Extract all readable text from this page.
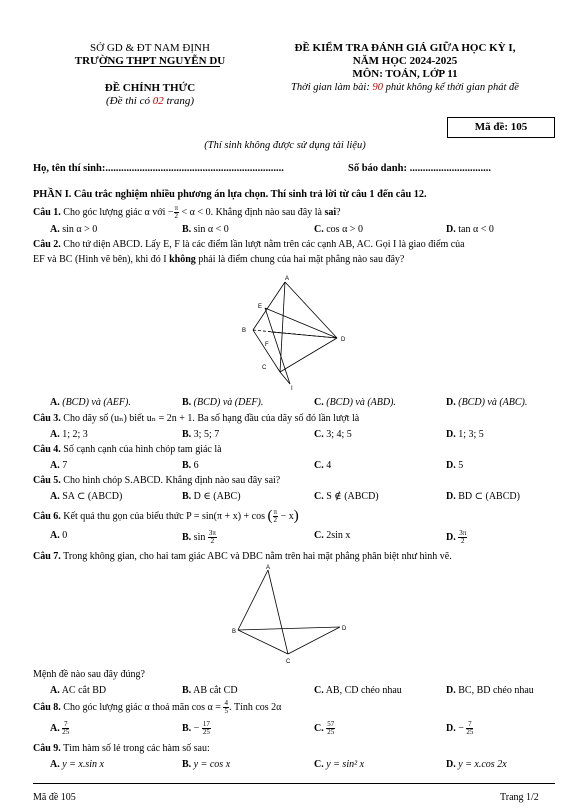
SỞ GD & ĐT NAM ĐỊNH
TRƯỜNG THPT NGUYỄN DU
ĐỀ CHÍNH THỨC
(Đề thi có 02 trang)
ĐỀ KIỂM TRA ĐÁNH GIÁ GIỮA HỌC KỲ I,
NĂM HỌC 2024-2025
MÔN: TOÁN, LỚP 11
Thời gian làm bài: 90 phút không kể thời gian phát đề
Mã đề: 105
(Thí sinh không được sử dụng tài liệu)
Họ, tên thí sinh:....................................................................	Số báo danh: ...............................
PHẦN I. Câu trắc nghiệm nhiều phương án lựa chọn. Thí sinh trả lời từ câu 1 đến câu 12.
Câu 1. Cho góc lượng giác α với − $\frac{\pi}{2} < \alpha < 0$. Khẳng định nào sau đây là sai?
A. sin α > 0	B. sin α < 0	C. cos α > 0	D. tan α < 0
Câu 2. Cho tứ diện ABCD. Lấy E, F là các điểm lần lượt nằm trên các cạnh AB, AC. Gọi I là giao điểm của
EF và BC (Hình vẽ bên), khi đó I không phải là điểm chung của hai mặt phẳng nào sau đây?
A
B
C
D
E
F
I
A. (BCD) và (AEF).	B. (BCD) và (DEF).	C. (BCD) và (ABD).	D. (BCD) và (ABC).
Câu 3. Cho dãy số (uₙ) biết uₙ = 2n + 1. Ba số hạng đầu của dãy số đó lần lượt là
A. 1; 2; 3	B. 3; 5; 7	C. 3; 4; 5	D. 1; 3; 5
Câu 4. Số cạnh cạnh của hình chóp tam giác là
A. 7	B. 6	C. 4	D. 5
Câu 5. Cho hình chóp S.ABCD. Khẳng định nào sau đây sai?
A. SA ⊂ (ABCD)	B. D ∈ (ABC)	C. S ∉ (ABCD)	D. BD ⊂ (ABCD)
Câu 6. Kết quả thu gọn của biểu thức P = sin(π + x) + cos ( $\frac{\pi}{2} - x$)
A. 0	B. $\sin \frac{3\pi}{2}$	C. 2sin x	D. $\frac{3\pi}{2}$
Câu 7. Trong không gian, cho hai tam giác ABC và DBC nằm trên hai mặt phẳng phân biệt như hình vẽ.
A
B
C
D
Mệnh đề nào sau đây đúng?
A. AC cắt BD	B. AB cắt CD	C. AB, CD chéo nhau	D. BC, BD chéo nhau
Câu 8. Cho góc lượng giác α thoả mãn $\cos \alpha = \frac{4}{5}$ . Tính cos 2α
A. $\frac{7}{25}$	B. − $\frac{17}{25}$	C. $\frac{57}{25}$	D. − $\frac{7}{25}$
Câu 9. Tìm hàm số lẻ trong các hàm số sau:
A. y = x.sin x	B. y = cos x	C. y = sin² x	D. y = x.cos 2x
Mã đề 105	Trang 1/2
